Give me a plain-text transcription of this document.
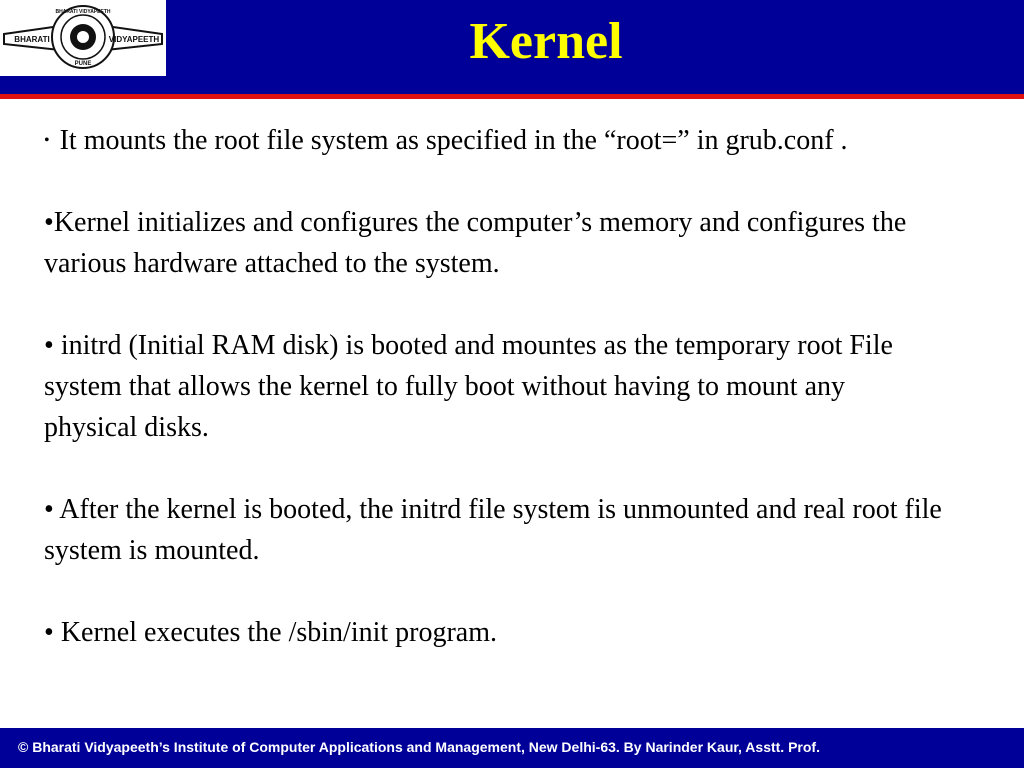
BHARATI	VIDYAPEETH
BHARATI VIDYAPEETH
PUNE	Kernel

• It mounts the root file system as specified in the “root=” in grub.conf .

•Kernel initializes and configures the computer’s memory and configures the various hardware attached to the system.

• initrd (Initial RAM disk) is booted and mountes as the temporary root File system that allows the kernel to fully boot without having to mount any physical disks.

• After the kernel is booted, the initrd file system is unmounted and real root file system is mounted.

• Kernel executes the /sbin/init program.

© Bharati Vidyapeeth’s Institute of Computer Applications and Management, New Delhi-63. By Narinder Kaur, Asstt. Prof.
